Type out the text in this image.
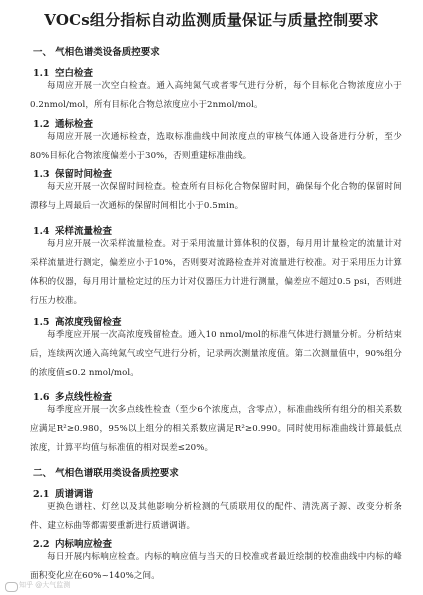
VOCs组分指标自动监测质量保证与质量控制要求
一、 气相色谱类设备质控要求
1.1 空白检查
每周应开展一次空白检查。通入高纯氮气或者零气进行分析，每个目标化合物浓度应小于0.2nmol/mol，所有目标化合物总浓度应小于2nmol/mol。
1.2 通标检查
每周应开展一次通标检查，选取标准曲线中间浓度点的审核气体通入设备进行分析，至少80%目标化合物浓度偏差小于30%，否则重建标准曲线。
1.3 保留时间检查
每天应开展一次保留时间检查。检查所有目标化合物保留时间，确保每个化合物的保留时间漂移与上周最后一次通标的保留时间相比小于0.5min。
1.4 采样流量检查
每月应开展一次采样流量检查。对于采用流量计算体积的仪器，每月用计量检定的流量计对采样流量进行测定，偏差应小于10%，否则要对流路检查并对流量进行校准。对于采用压力计算体积的仪器，每月用计量检定过的压力计对仪器压力计进行测量，偏差应不超过0.5 psi，否则进行压力校准。
1.5 高浓度残留检查
每季度应开展一次高浓度残留检查。通入10 nmol/mol的标准气体进行测量分析。分析结束后，连续两次通入高纯氮气或空气进行分析，记录两次测量浓度值。第二次测量值中，90%组分的浓度值≤0.2 nmol/mol。
1.6 多点线性检查
每季度应开展一次多点线性检查（至少6个浓度点，含零点），标准曲线所有组分的相关系数应满足R²≥0.980，95%以上组分的相关系数应满足R²≥0.990。同时使用标准曲线计算最低点浓度，计算平均值与标准值的相对误差≤20%。
二、 气相色谱联用类设备质控要求
2.1 质谱调谐
更换色谱柱、灯丝以及其他影响分析检测的气质联用仪的配件、清洗离子源、改变分析条件、建立标曲等都需要重新进行质谱调谐。
2.2 内标响应检查
每日开展内标响应检查。内标的响应值与当天的日校准或者最近绘制的校准曲线中内标的峰面积变化应在60%~140%之间。
知乎 @大气监测
